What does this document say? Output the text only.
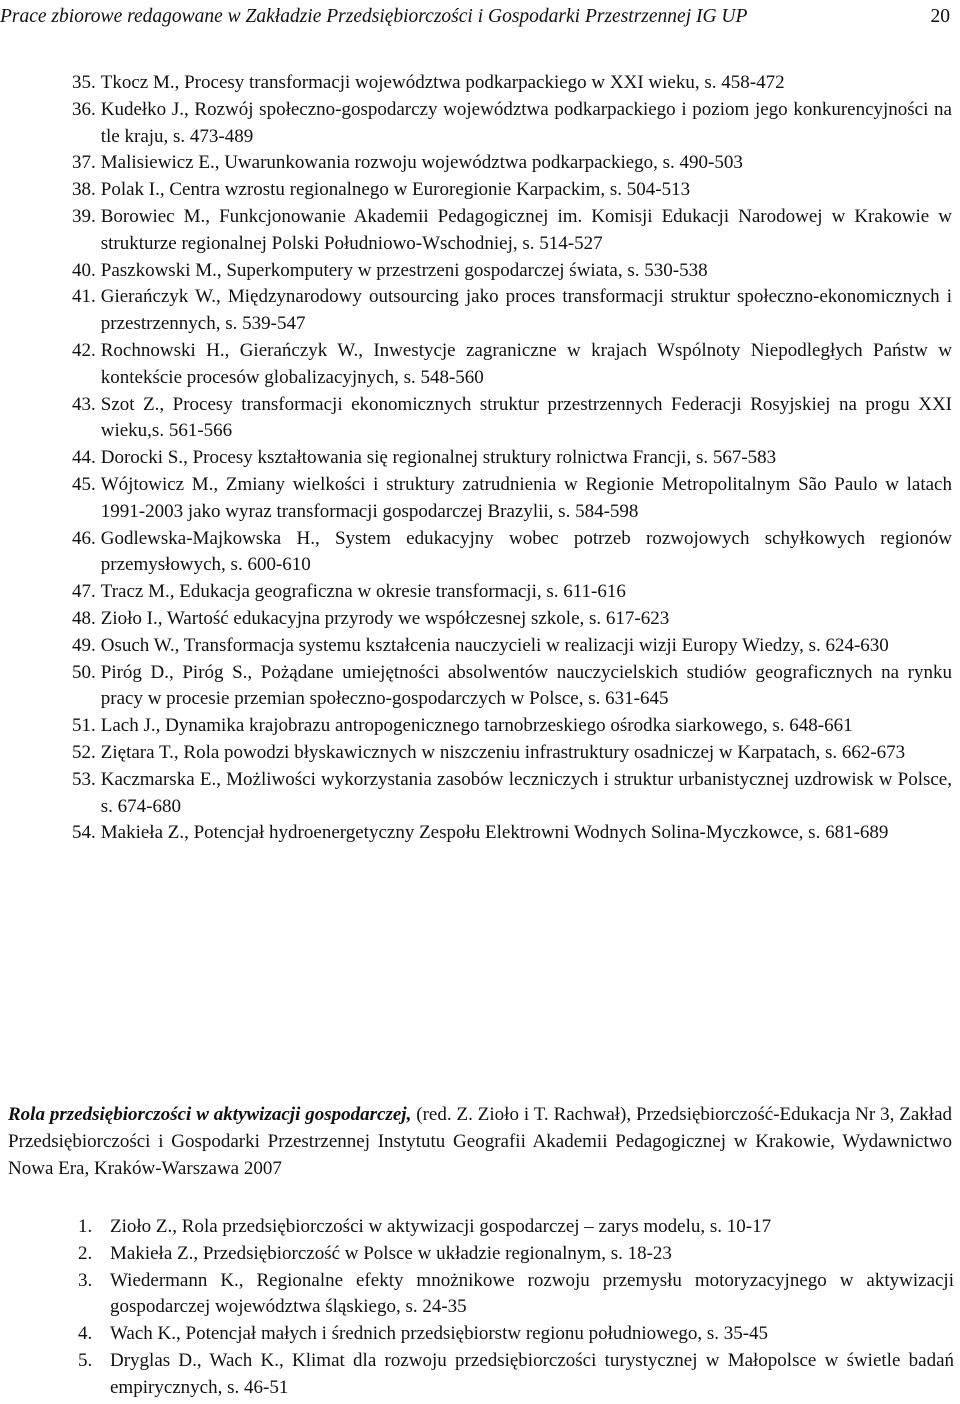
Prace zbiorowe redagowane w Zakładzie Przedsiębiorczości i Gospodarki Przestrzennej IG UP	20
35. Tkocz M., Procesy transformacji województwa podkarpackiego w XXI wieku, s. 458-472
36. Kudełko J., Rozwój społeczno-gospodarczy województwa podkarpackiego i poziom jego konkurencyjności na tle kraju, s. 473-489
37. Malisiewicz E., Uwarunkowania rozwoju województwa podkarpackiego, s. 490-503
38. Polak I., Centra wzrostu regionalnego w Euroregionie Karpackim, s. 504-513
39. Borowiec M., Funkcjonowanie Akademii Pedagogicznej im. Komisji Edukacji Narodowej w Krakowie w strukturze regionalnej Polski Południowo-Wschodniej, s. 514-527
40. Paszkowski M., Superkomputery w przestrzeni gospodarczej świata, s. 530-538
41. Gierańczyk W., Międzynarodowy outsourcing jako proces transformacji struktur społeczno-ekonomicznych i przestrzennych, s. 539-547
42. Rochnowski H., Gierańczyk W., Inwestycje zagraniczne w krajach Wspólnoty Niepodległych Państw w kontekście procesów globalizacyjnych, s. 548-560
43. Szot Z., Procesy transformacji ekonomicznych struktur przestrzennych Federacji Rosyjskiej na progu XXI wieku,s. 561-566
44. Dorocki S., Procesy kształtowania się regionalnej struktury rolnictwa Francji, s. 567-583
45. Wójtowicz M., Zmiany wielkości i struktury zatrudnienia w Regionie Metropolitalnym São Paulo w latach 1991-2003 jako wyraz transformacji gospodarczej Brazylii, s. 584-598
46. Godlewska-Majkowska H., System edukacyjny wobec potrzeb rozwojowych schyłkowych regionów przemysłowych, s. 600-610
47. Tracz M., Edukacja geograficzna w okresie transformacji, s. 611-616
48. Zioło I., Wartość edukacyjna przyrody we współczesnej szkole, s. 617-623
49. Osuch W., Transformacja systemu kształcenia nauczycieli w realizacji wizji Europy Wiedzy, s. 624-630
50. Piróg D., Piróg S., Pożądane umiejętności absolwentów nauczycielskich studiów geograficznych na rynku pracy w procesie przemian społeczno-gospodarczych w Polsce, s. 631-645
51. Lach J., Dynamika krajobrazu antropogenicznego tarnobrzeskiego ośrodka siarkowego, s. 648-661
52. Ziętara T., Rola powodzi błyskawicznych w niszczeniu infrastruktury osadniczej w Karpatach, s. 662-673
53. Kaczmarska E., Możliwości wykorzystania zasobów leczniczych i struktur urbanistycznej uzdrowisk w Polsce, s. 674-680
54. Makieła Z., Potencjał hydroenergetyczny Zespołu Elektrowni Wodnych Solina-Myczkowce, s. 681-689
Rola przedsiębiorczości w aktywizacji gospodarczej, (red. Z. Zioło i T. Rachwał), Przedsiębiorczość-Edukacja Nr 3, Zakład Przedsiębiorczości i Gospodarki Przestrzennej Instytutu Geografii Akademii Pedagogicznej w Krakowie, Wydawnictwo Nowa Era, Kraków-Warszawa 2007
1. Zioło Z., Rola przedsiębiorczości w aktywizacji gospodarczej – zarys modelu, s. 10-17
2. Makieła Z., Przedsiębiorczość w Polsce w układzie regionalnym, s. 18-23
3. Wiedermann K., Regionalne efekty mnożnikowe rozwoju przemysłu motoryzacyjnego w aktywizacji gospodarczej województwa śląskiego, s. 24-35
4. Wach K., Potencjał małych i średnich przedsiębiorstw regionu południowego, s. 35-45
5. Dryglas D., Wach K., Klimat dla rozwoju przedsiębiorczości turystycznej w Małopolsce w świetle badań empirycznych, s. 46-51
